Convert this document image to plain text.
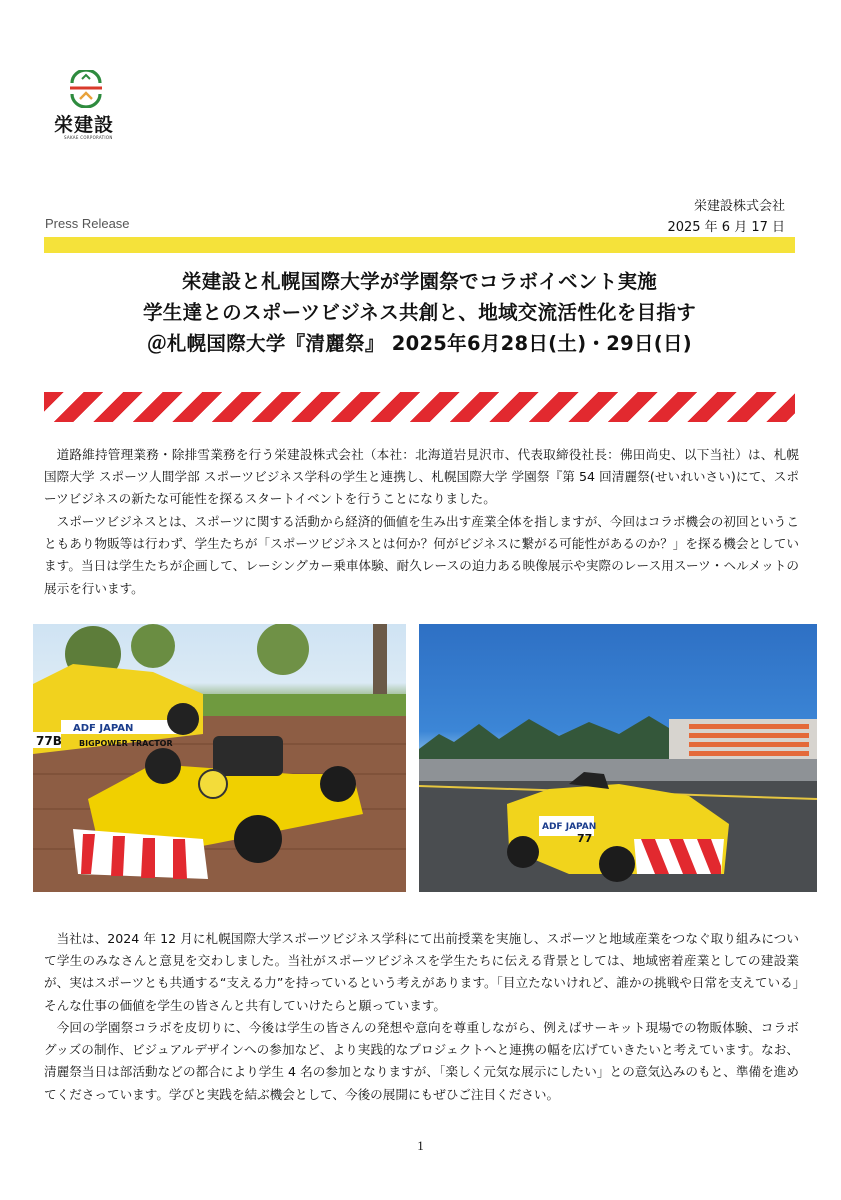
栄建設
SAKAE CORPORATION
栄建設株式会社
Press Release	2025 年 6 月 17 日
栄建設と札幌国際大学が学園祭でコラボイベント実施
学生達とのスポーツビジネス共創と、地域交流活性化を目指す
＠札幌国際大学『清麗祭』 2025年6月28日(土)・29日(日)
道路維持管理業務・除排雪業務を行う栄建設株式会社（本社：北海道岩見沢市、代表取締役社長：佛田尚史、以下当社）は、札幌国際大学 スポーツ人間学部 スポーツビジネス学科の学生と連携し、札幌国際大学 学園祭『第 54 回清麗祭(せいれいさい)にて、スポーツビジネスの新たな可能性を探るスタートイベントを行うことになりました。
スポーツビジネスとは、スポーツに関する活動から経済的価値を生み出す産業全体を指しますが、今回はコラボ機会の初回ということもあり物販等は行わず、学生たちが「スポーツビジネスとは何か？何がビジネスに繋がる可能性があるのか？」を探る機会としています。当日は学生たちが企画して、レーシングカー乗車体験、耐久レースの迫力ある映像展示や実際のレース用スーツ・ヘルメットの展示を行います。
ADF JAPAN
BIGPOWER TRACTOR
77B
ADF JAPAN
77
当社は、2024 年 12 月に札幌国際大学スポーツビジネス学科にて出前授業を実施し、スポーツと地域産業をつなぐ取り組みについて学生のみなさんと意見を交わしました。当社がスポーツビジネスを学生たちに伝える背景としては、地域密着産業としての建設業が、実はスポーツとも共通する“支える力”を持っているという考えがあります。「目立たないけれど、誰かの挑戦や日常を支えている」そんな仕事の価値を学生の皆さんと共有していけたらと願っています。
今回の学園祭コラボを皮切りに、今後は学生の皆さんの発想や意向を尊重しながら、例えばサーキット現場での物販体験、コラボグッズの制作、ビジュアルデザインへの参加など、より実践的なプロジェクトへと連携の幅を広げていきたいと考えています。なお、清麗祭当日は部活動などの都合により学生 4 名の参加となりますが、「楽しく元気な展示にしたい」との意気込みのもと、準備を進めてくださっています。学びと実践を結ぶ機会として、今後の展開にもぜひご注目ください。
1
